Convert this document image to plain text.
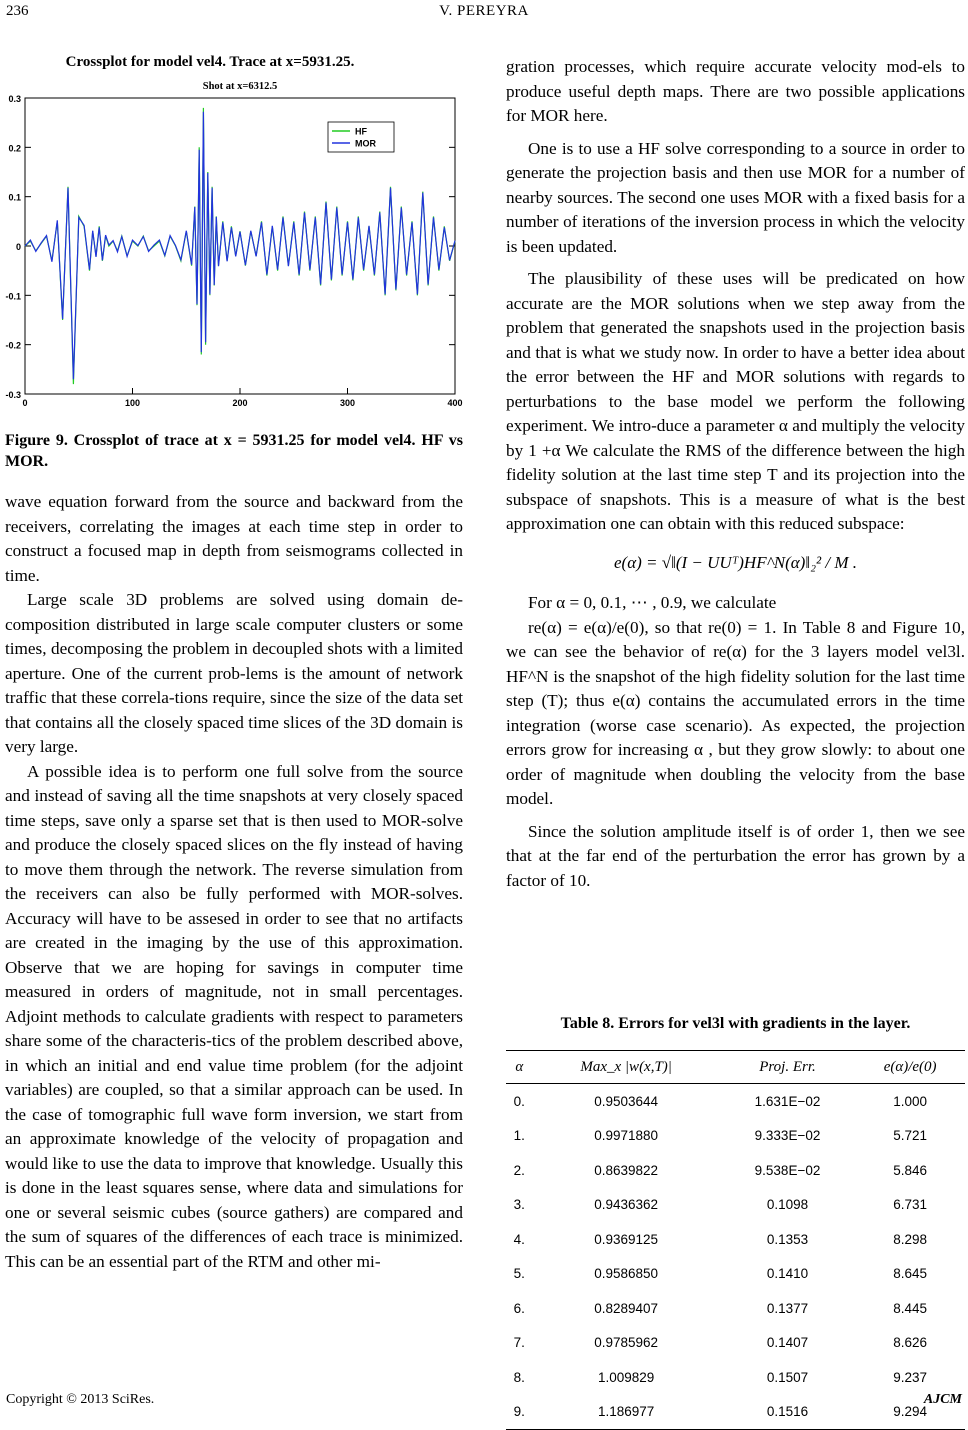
236	V. PEREYRA
Crossplot for model vel4. Trace at x=5931.25.
Shot at x=6312.5
0.3
0.2
0.1
0
-0.1
-0.2
-0.3
0	100	200	300	400
HF
MOR
Figure 9. Crossplot of trace at x = 5931.25 for model vel4. HF vs MOR.

wave equation forward from the source and backward from the receivers, correlating the images at each time step in order to construct a focused map in depth from seismograms collected in time.

Large scale 3D problems are solved using domain de-composition distributed in large scale computer clusters or some times, decomposing the problem in decoupled shots with a limited aperture. One of the current prob-lems is the amount of network traffic that these correla-tions require, since the size of the data set that contains all the closely spaced time slices of the 3D domain is very large.

A possible idea is to perform one full solve from the source and instead of saving all the time snapshots at very closely spaced time steps, save only a sparse set that is then used to MOR-solve and produce the closely spaced slices on the fly instead of having to move them through the network. The reverse simulation from the receivers can also be fully performed with MOR-solves. Accuracy will have to be assesed in order to see that no artifacts are created in the imaging by the use of this approximation. Observe that we are hoping for savings in computer time measured in orders of magnitude, not in small percentages. Adjoint methods to calculate gradients with respect to parameters share some of the characteris-tics of the problem described above, in which an initial and end value time problem (for the adjoint variables) are coupled, so that a similar approach can be used. In the case of tomographic full wave form inversion, we start from an approximate knowledge of the velocity of propagation and would like to use the data to improve that knowledge. Usually this is done in the least squares sense, where data and simulations for one or several seismic cubes (source gathers) are compared and the sum of squares of the differences of each trace is minimized. This can be an essential part of the RTM and other mi-

gration processes, which require accurate velocity mod-els to produce useful depth maps. There are two possible applications for MOR here.

One is to use a HF solve corresponding to a source in order to generate the projection basis and then use MOR for a number of nearby sources. The second one uses MOR with a fixed basis for a number of iterations of the inversion process in which the velocity is been updated.

The plausibility of these uses will be predicated on how accurate are the MOR solutions when we step away from the problem that generated the snapshots used in the projection basis and that is what we study now. In order to have a better idea about the error between the HF and MOR solutions with regards to perturbations to the base model we perform the following experiment. We intro-duce a parameter α and multiply the velocity by 1 +α We calculate the RMS of the difference between the high fidelity solution at the last time step T and its projection into the subspace of snapshots. This is a measure of what is the best approximation one can obtain with this reduced subspace:

e(α) = √‖(I − UUᵀ)HF^N(α)‖₂² / M .

For α = 0, 0.1, ⋯ , 0.9, we calculate

re(α) = e(α)/e(0), so that re(0) = 1. In Table 8 and Figure 10, we can see the behavior of re(α) for the 3 layers model vel3l. HF^N is the snapshot of the high fidelity solution for the last time step (T); thus e(α) contains the accumulated errors in the time integration (worse case scenario). As expected, the projection errors grow for increasing α , but they grow slowly: to about one order of magnitude when doubling the velocity from the base model.

Since the solution amplitude itself is of order 1, then we see that at the far end of the perturbation the error has grown by a factor of 10.

Table 8. Errors for vel3l with gradients in the layer.
α	Max_x |w(x,T)|	Proj. Err.	e(α)/e(0)
0.	0.9503644	1.631E−02	1.000
1.	0.9971880	9.333E−02	5.721
2.	0.8639822	9.538E−02	5.846
3.	0.9436362	0.1098	6.731
4.	0.9369125	0.1353	8.298
5.	0.9586850	0.1410	8.645
6.	0.8289407	0.1377	8.445
7.	0.9785962	0.1407	8.626
8.	1.009829	0.1507	9.237
9.	1.186977	0.1516	9.294
Copyright © 2013 SciRes.	AJCM
